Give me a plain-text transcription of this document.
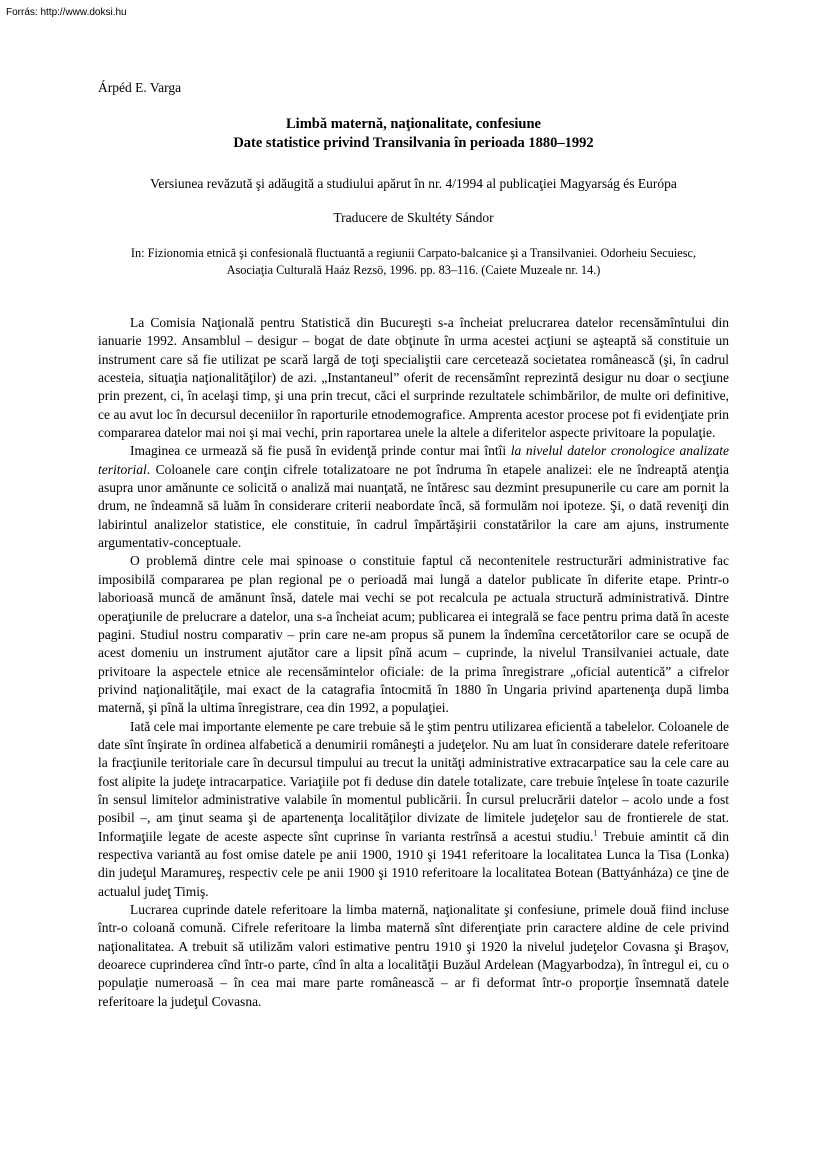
Forrás: http://www.doksi.hu
Árpéd E. Varga
Limbă maternă, naţionalitate, confesiune
Date statistice privind Transilvania în perioada 1880–1992
Versiunea revăzută şi adăugită a studiului apărut în nr. 4/1994 al publicaţiei Magyarság és Európa
Traducere de Skultéty Sándor
In: Fizionomia etnică şi confesională fluctuantă a regiunii Carpato-balcanice şi a Transilvaniei. Odorheiu Secuiesc, Asociaţia Culturală Haáz Rezsö, 1996. pp. 83–116. (Caiete Muzeale nr. 14.)

La Comisia Naţională pentru Statistică din Bucureşti s-a încheiat prelucrarea datelor recensămîntului din ianuarie 1992. Ansamblul – desigur – bogat de date obţinute în urma acestei acţiuni se aşteaptă să constituie un instrument care să fie utilizat pe scară largă de toţi specialiştii care cercetează societatea românească (şi, în cadrul acesteia, situaţia naţionalităţilor) de azi. „Instantaneul” oferit de recensămînt reprezintă desigur nu doar o secţiune prin prezent, ci, în acelaşi timp, şi una prin trecut, căci el surprinde rezultatele schimbărilor, de multe ori definitive, ce au avut loc în decursul deceniilor în raporturile etnodemografice. Amprenta acestor procese pot fi evidenţiate prin compararea datelor mai noi şi mai vechi, prin raportarea unele la altele a diferitelor aspecte privitoare la populaţie.

Imaginea ce urmează să fie pusă în evidenţă prinde contur mai întîi la nivelul datelor cronologice analizate teritorial. Coloanele care conţin cifrele totalizatoare ne pot îndruma în etapele analizei: ele ne îndreaptă atenţia asupra unor amănunte ce solicită o analiză mai nuanţată, ne întăresc sau dezmint presupunerile cu care am pornit la drum, ne îndeamnă să luăm în considerare criterii neabordate încă, să formulăm noi ipoteze. Şi, o dată reveniţi din labirintul analizelor statistice, ele constituie, în cadrul împărtăşirii constatărilor la care am ajuns, instrumente argumentativ-conceptuale.

O problemă dintre cele mai spinoase o constituie faptul că necontenitele restructurări administrative fac imposibilă compararea pe plan regional pe o perioadă mai lungă a datelor publicate în diferite etape. Printr-o laborioasă muncă de amănunt însă, datele mai vechi se pot recalcula pe actuala structură administrativă. Dintre operaţiunile de prelucrare a datelor, una s-a încheiat acum; publicarea ei integrală se face pentru prima dată în aceste pagini. Studiul nostru comparativ – prin care ne-am propus să punem la îndemîna cercetătorilor care se ocupă de acest domeniu un instrument ajutător care a lipsit pînă acum – cuprinde, la nivelul Transilvaniei actuale, date privitoare la aspectele etnice ale recensămintelor oficiale: de la prima înregistrare „oficial autentică” a cifrelor privind naţionalităţile, mai exact de la catagrafia întocmită în 1880 în Ungaria privind apartenenţa după limba maternă, şi pînă la ultima înregistrare, cea din 1992, a populaţiei.

Iată cele mai importante elemente pe care trebuie să le ştim pentru utilizarea eficientă a tabelelor. Coloanele de date sînt înşirate în ordinea alfabetică a denumirii româneşti a judeţelor. Nu am luat în considerare datele referitoare la fracţiunile teritoriale care în decursul timpului au trecut la unităţi administrative extracarpatice sau la cele care au fost alipite la judeţe intracarpatice. Variaţiile pot fi deduse din datele totalizate, care trebuie înţelese în toate cazurile în sensul limitelor administrative valabile în momentul publicării. În cursul prelucrării datelor – acolo unde a fost posibil –, am ţinut seama şi de apartenenţa localităţilor divizate de limitele judeţelor sau de frontierele de stat. Informaţiile legate de aceste aspecte sînt cuprinse în varianta restrînsă a acestui studiu.$^1$ Trebuie amintit că din respectiva variantă au fost omise datele pe anii 1900, 1910 şi 1941 referitoare la localitatea Lunca la Tisa (Lonka) din judeţul Maramureş, respectiv cele pe anii 1900 şi 1910 referitoare la localitatea Botean (Battyánháza) ce ţine de actualul judeţ Timiş.

Lucrarea cuprinde datele referitoare la limba maternă, naţionalitate şi confesiune, primele două fiind incluse într-o coloană comună. Cifrele referitoare la limba maternă sînt diferenţiate prin caractere aldine de cele privind naţionalitatea. A trebuit să utilizăm valori estimative pentru 1910 şi 1920 la nivelul judeţelor Covasna şi Braşov, deoarece cuprinderea cînd într-o parte, cînd în alta a localităţii Buzăul Ardelean (Magyarbodza), în întregul ei, cu o populaţie numeroasă – în cea mai mare parte românească – ar fi deformat într-o proporţie însemnată datele referitoare la judeţul Covasna.
